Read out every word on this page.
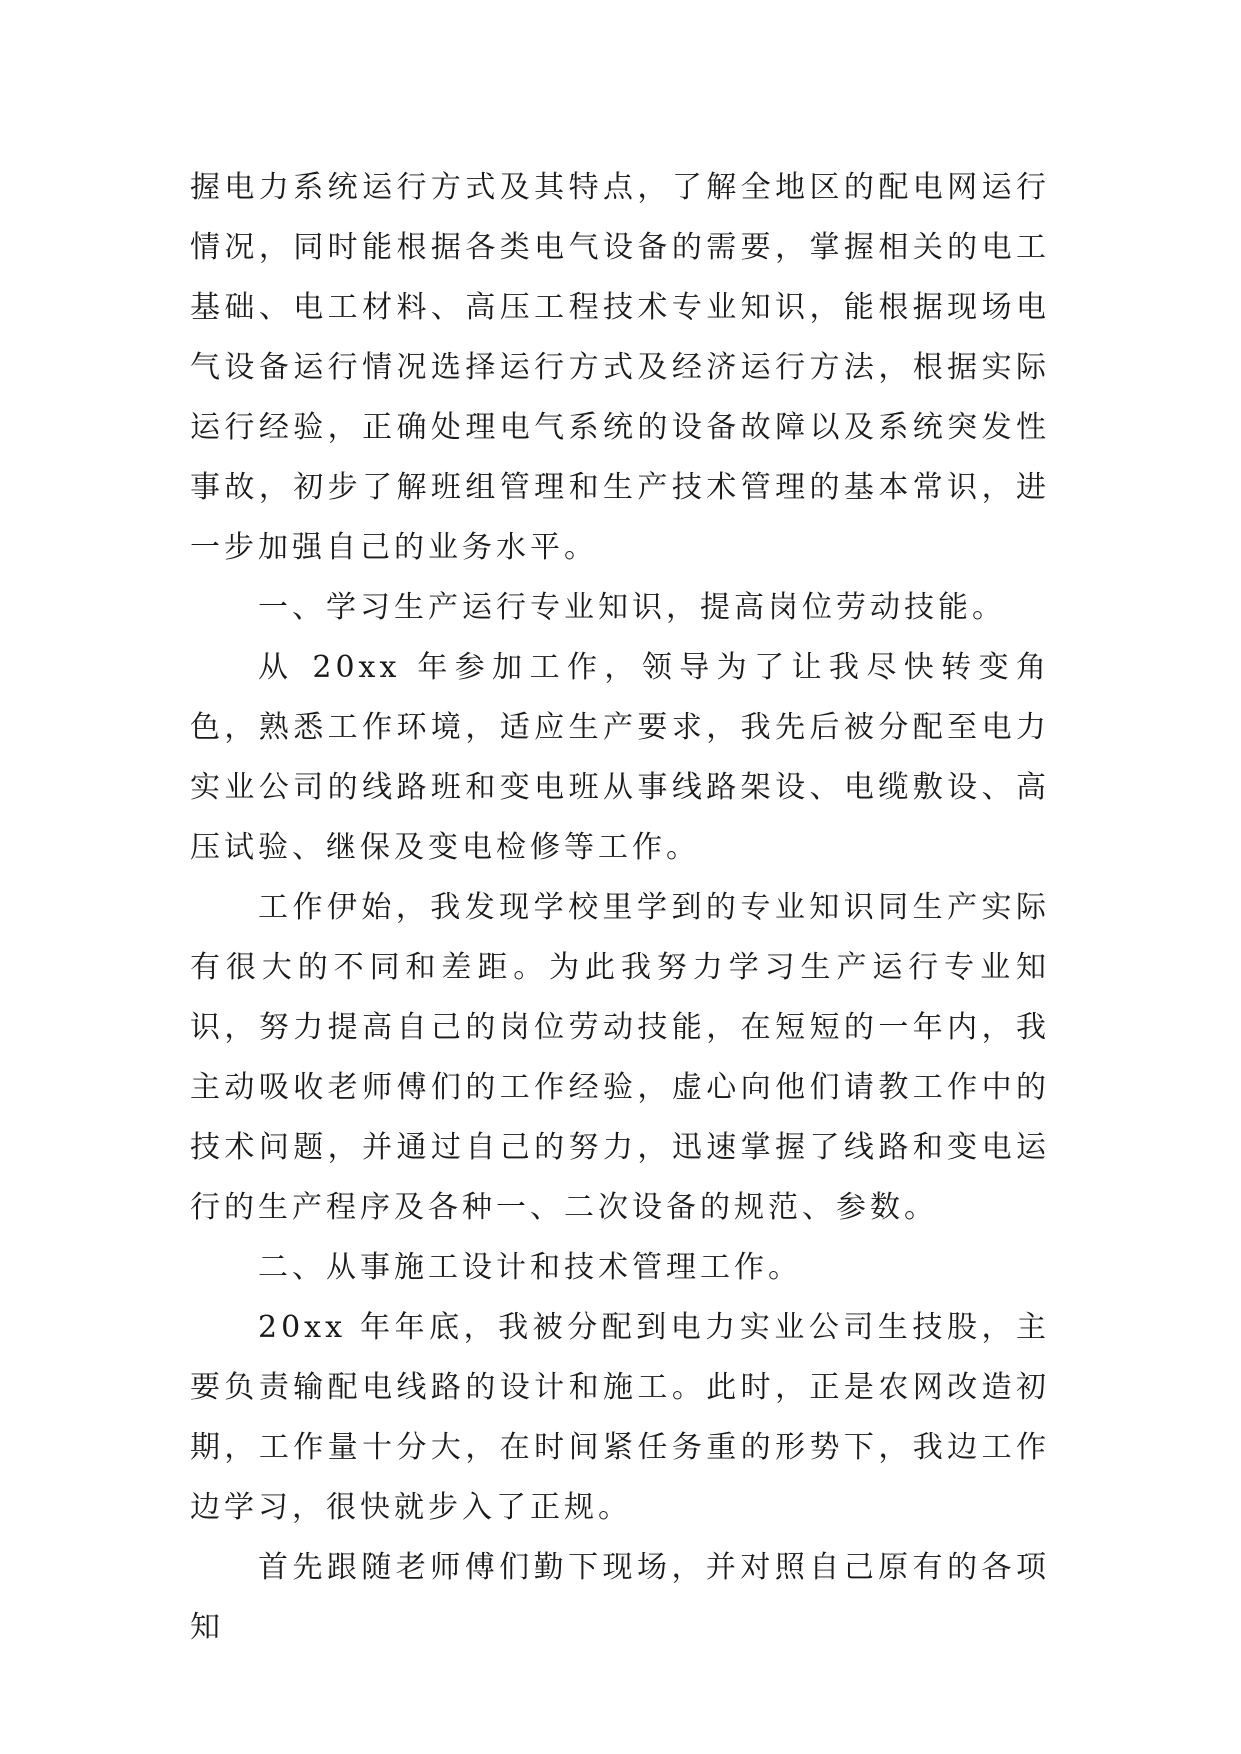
握电力系统运行方式及其特点，了解全地区的配电网运行情况，同时能根据各类电气设备的需要，掌握相关的电工基础、电工材料、高压工程技术专业知识，能根据现场电气设备运行情况选择运行方式及经济运行方法，根据实际运行经验，正确处理电气系统的设备故障以及系统突发性事故，初步了解班组管理和生产技术管理的基本常识，进一步加强自己的业务水平。

一、学习生产运行专业知识，提高岗位劳动技能。

从 20xx 年参加工作，领导为了让我尽快转变角色，熟悉工作环境，适应生产要求，我先后被分配至电力实业公司的线路班和变电班从事线路架设、电缆敷设、高压试验、继保及变电检修等工作。

工作伊始，我发现学校里学到的专业知识同生产实际有很大的不同和差距。为此我努力学习生产运行专业知识，努力提高自己的岗位劳动技能，在短短的一年内，我主动吸收老师傅们的工作经验，虚心向他们请教工作中的技术问题，并通过自己的努力，迅速掌握了线路和变电运行的生产程序及各种一、二次设备的规范、参数。

二、从事施工设计和技术管理工作。

20xx 年年底，我被分配到电力实业公司生技股，主要负责输配电线路的设计和施工。此时，正是农网改造初期，工作量十分大，在时间紧任务重的形势下，我边工作边学习，很快就步入了正规。

首先跟随老师傅们勤下现场，并对照自己原有的各项知
